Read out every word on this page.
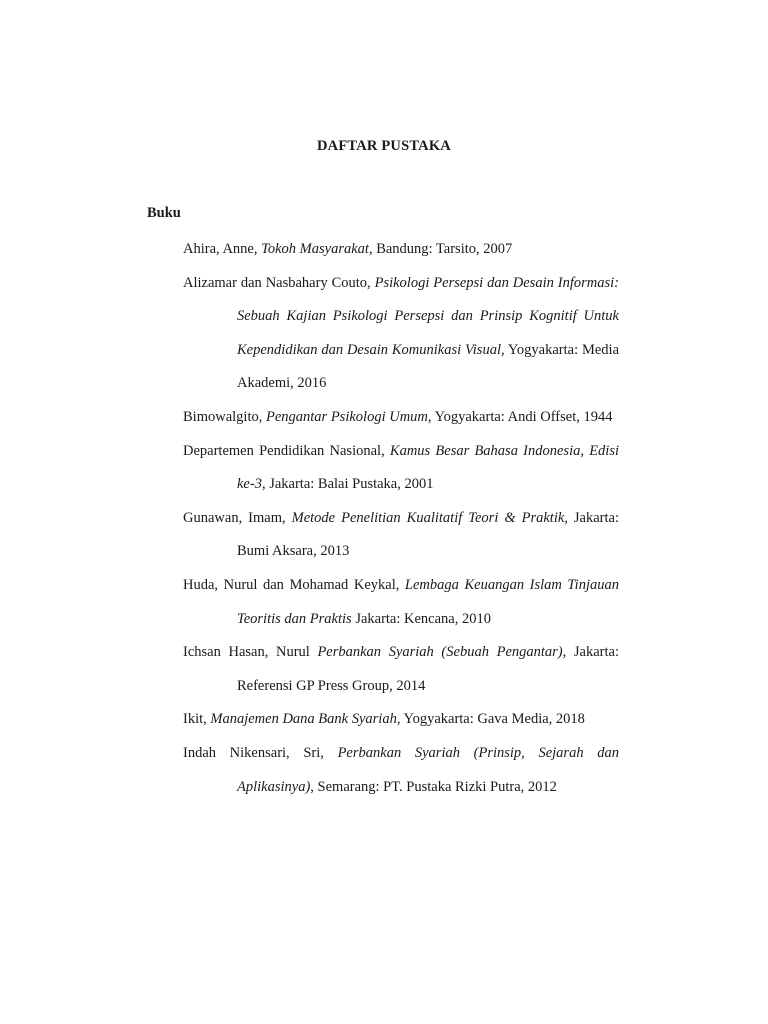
DAFTAR PUSTAKA
Buku

Ahira, Anne, Tokoh Masyarakat, Bandung: Tarsito, 2007

Alizamar dan Nasbahary Couto, Psikologi Persepsi dan Desain Informasi: Sebuah Kajian Psikologi Persepsi dan Prinsip Kognitif Untuk Kependidikan dan Desain Komunikasi Visual, Yogyakarta: Media Akademi, 2016

Bimowalgito, Pengantar Psikologi Umum, Yogyakarta: Andi Offset, 1944

Departemen Pendidikan Nasional, Kamus Besar Bahasa Indonesia, Edisi ke-3, Jakarta: Balai Pustaka, 2001

Gunawan, Imam, Metode Penelitian Kualitatif Teori & Praktik, Jakarta: Bumi Aksara, 2013

Huda, Nurul dan Mohamad Keykal, Lembaga Keuangan Islam Tinjauan Teoritis dan Praktis Jakarta: Kencana, 2010

Ichsan Hasan, Nurul Perbankan Syariah (Sebuah Pengantar), Jakarta: Referensi GP Press Group, 2014

Ikit, Manajemen Dana Bank Syariah, Yogyakarta: Gava Media, 2018

Indah Nikensari, Sri, Perbankan Syariah (Prinsip, Sejarah dan Aplikasinya), Semarang: PT. Pustaka Rizki Putra, 2012
